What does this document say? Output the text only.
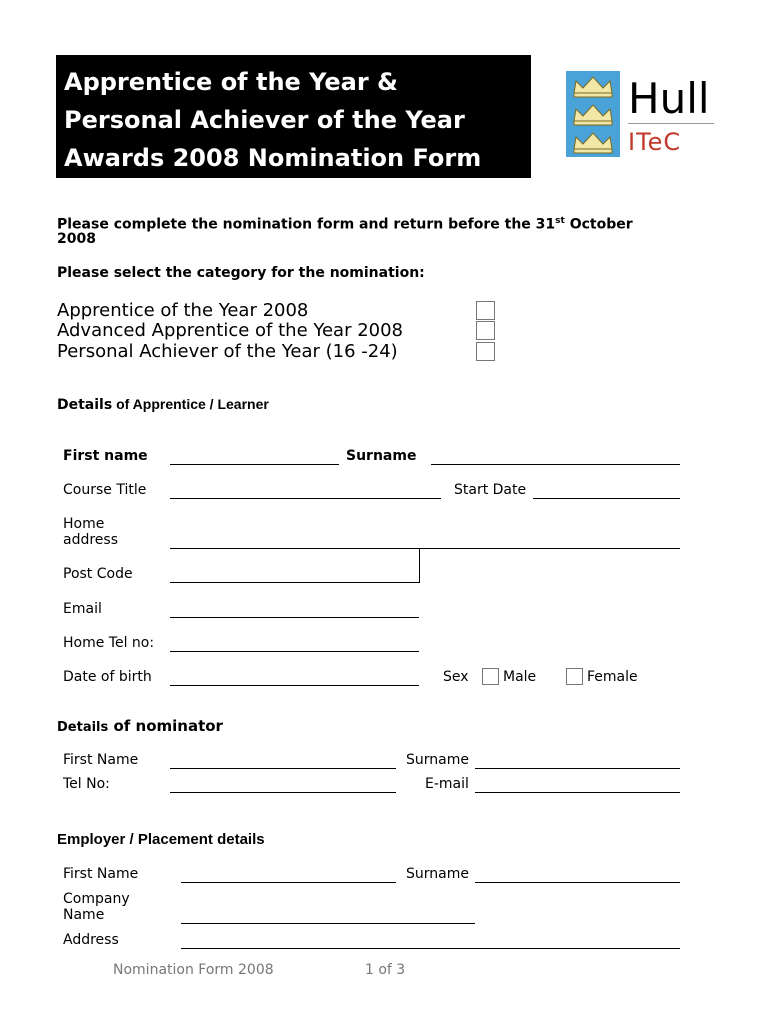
Apprentice of the Year &
Personal Achiever of the Year
Awards 2008 Nomination Form
Hull
ITeC
Please complete the nomination form and return before the 31st October
2008
Please select the category for the nomination:
Apprentice of the Year 2008
Advanced Apprentice of the Year 2008
Personal Achiever of the Year (16 -24)
Details of Apprentice / Learner
First name	Surname
Course Title	Start Date
Home
address
Post Code
Email
Home Tel no:
Date of birth	Sex Male	Female
Details of nominator
First Name	Surname
Tel No:	E-mail
Employer / Placement details
First Name	Surname
Company
Name
Address
Nomination Form 2008	1 of 3
